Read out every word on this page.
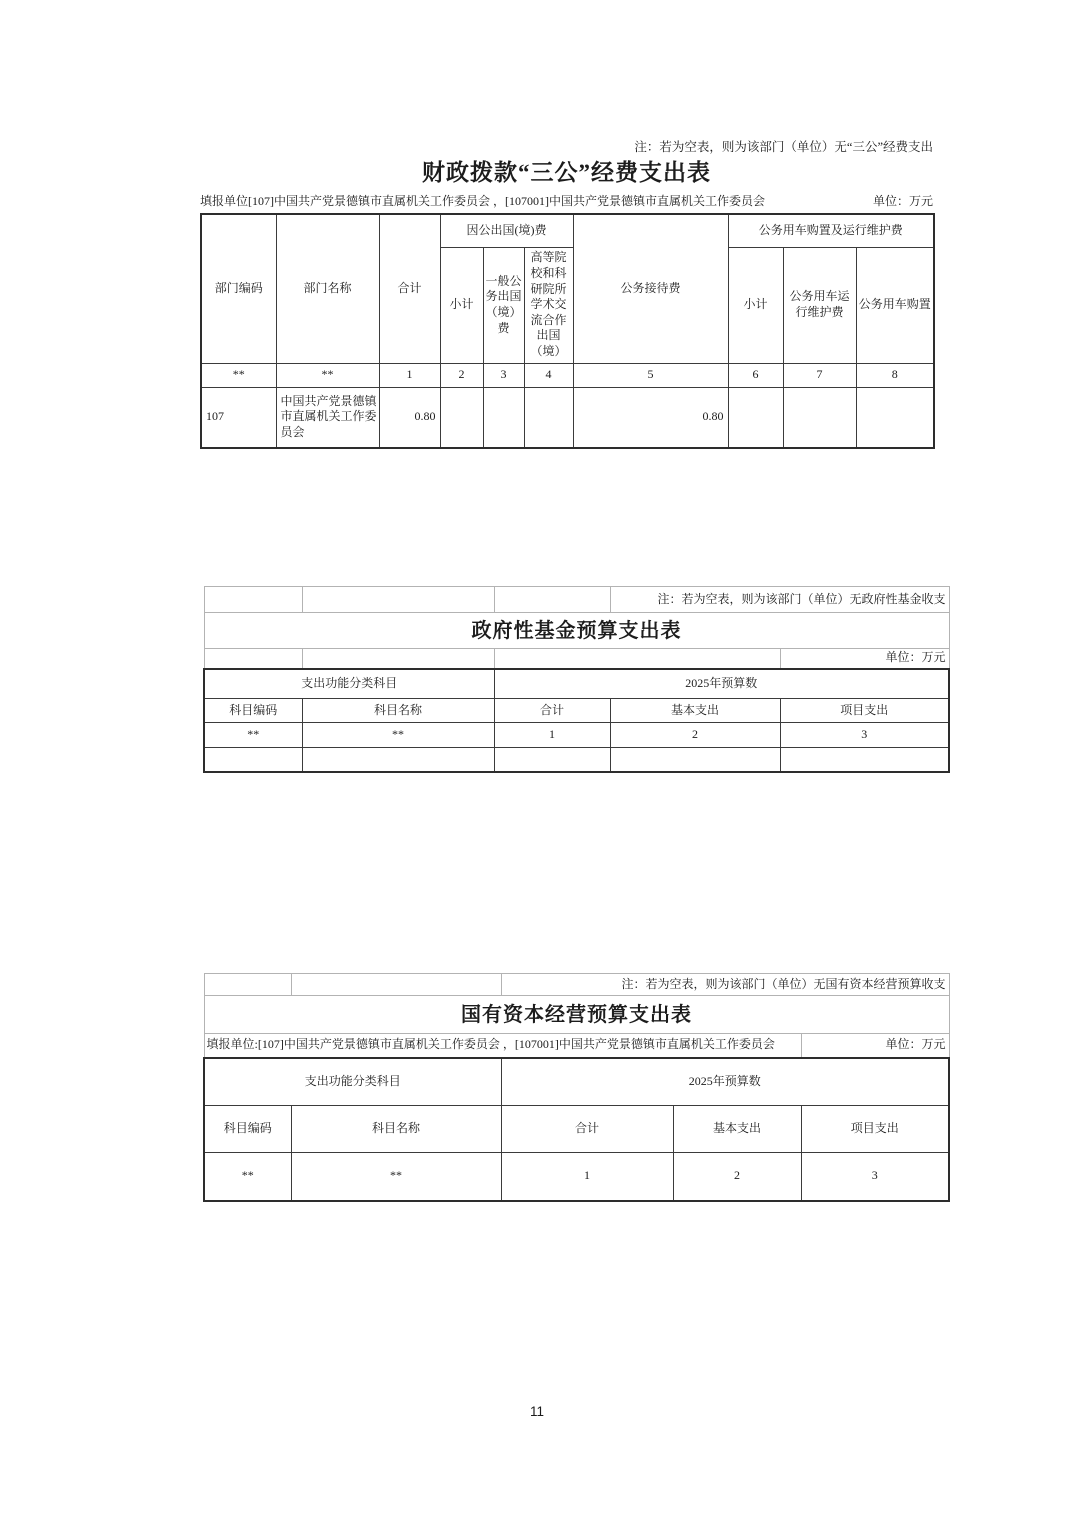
注：若为空表，则为该部门（单位）无“三公”经费支出
财政拨款“三公”经费支出表
填报单位[107]中国共产党景德镇市直属机关工作委员会 ，[107001]中国共产党景德镇市直属机关工作委员会	单位：万元
部门编码	部门名称	合计	因公出国(境)费			公务接待费	公务用车购置及运行维护费		
			小计	一般公务出国（境）费	高等院校和科研院所学术交流合作出国（境）		小计	公务用车运行维护费	公务用车购置
**	**	1	2	3	4	5	6	7	8
107	中国共产党景德镇市直属机关工作委员会	0.80				0.80			
			注：若为空表，则为该部门（单位）无政府性基金收支	
政府性基金预算支出表				
				单位：万元
支出功能分类科目		2025年预算数		
科目编码	科目名称	合计	基本支出	项目支出
**	**	1	2	3

		注：若为空表，则为该部门（单位）无国有资本经营预算收支		
国有资本经营预算支出表				
填报单位:[107]中国共产党景德镇市直属机关工作委员会 ，[107001]中国共产党景德镇市直属机关工作委员会				单位：万元
支出功能分类科目		2025年预算数		
科目编码	科目名称	合计	基本支出	项目支出
**	**	1	2	3
11
